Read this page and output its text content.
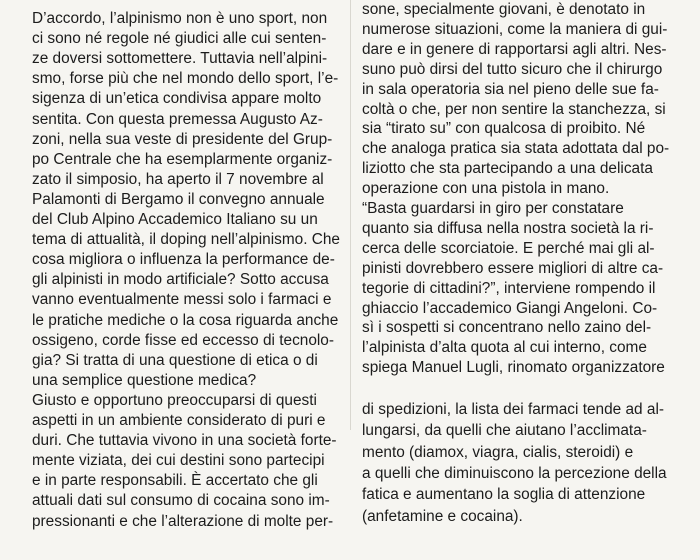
D’accordo, l’alpinismo non è uno sport, non
ci sono né regole né giudici alle cui senten-
ze doversi sottomettere. Tuttavia nell’alpini-
smo, forse più che nel mondo dello sport, l’e-
sigenza di un’etica condivisa appare molto
sentita. Con questa premessa Augusto Az-
zoni, nella sua veste di presidente del Grup-
po Centrale che ha esemplarmente organiz-
zato il simposio, ha aperto il 7 novembre al
Palamonti di Bergamo il convegno annuale
del Club Alpino Accademico Italiano su un
tema di attualità, il doping nell’alpinismo. Che
cosa migliora o influenza la performance de-
gli alpinisti in modo artificiale? Sotto accusa
vanno eventualmente messi solo i farmaci e
le pratiche mediche o la cosa riguarda anche
ossigeno, corde fisse ed eccesso di tecnolo-
gia? Si tratta di una questione di etica o di
una semplice questione medica?
Giusto e opportuno preoccuparsi di questi
aspetti in un ambiente considerato di puri e
duri. Che tuttavia vivono in una società forte-
mente viziata, dei cui destini sono partecipi
e in parte responsabili. È accertato che gli
attuali dati sul consumo di cocaina sono im-
pressionanti e che l’alterazione di molte per-
sone, specialmente giovani, è denotato in
numerose situazioni, come la maniera di gui-
dare e in genere di rapportarsi agli altri. Nes-
suno può dirsi del tutto sicuro che il chirurgo
in sala operatoria sia nel pieno delle sue fa-
coltà o che, per non sentire la stanchezza, si
sia “tirato su” con qualcosa di proibito. Né
che analoga pratica sia stata adottata dal po-
liziotto che sta partecipando a una delicata
operazione con una pistola in mano.
“Basta guardarsi in giro per constatare
quanto sia diffusa nella nostra società la ri-
cerca delle scorciatoie. E perché mai gli al-
pinisti dovrebbero essere migliori di altre ca-
tegorie di cittadini?”, interviene rompendo il
ghiaccio l’accademico Giangi Angeloni. Co-
sì i sospetti si concentrano nello zaino del-
l’alpinista d’alta quota al cui interno, come
spiega Manuel Lugli, rinomato organizzatore
di spedizioni, la lista dei farmaci tende ad al-
lungarsi, da quelli che aiutano l’acclimata-
mento (diamox, viagra, cialis, steroidi) e
a quelli che diminuiscono la percezione della
fatica e aumentano la soglia di attenzione
(anfetamine e cocaina).
